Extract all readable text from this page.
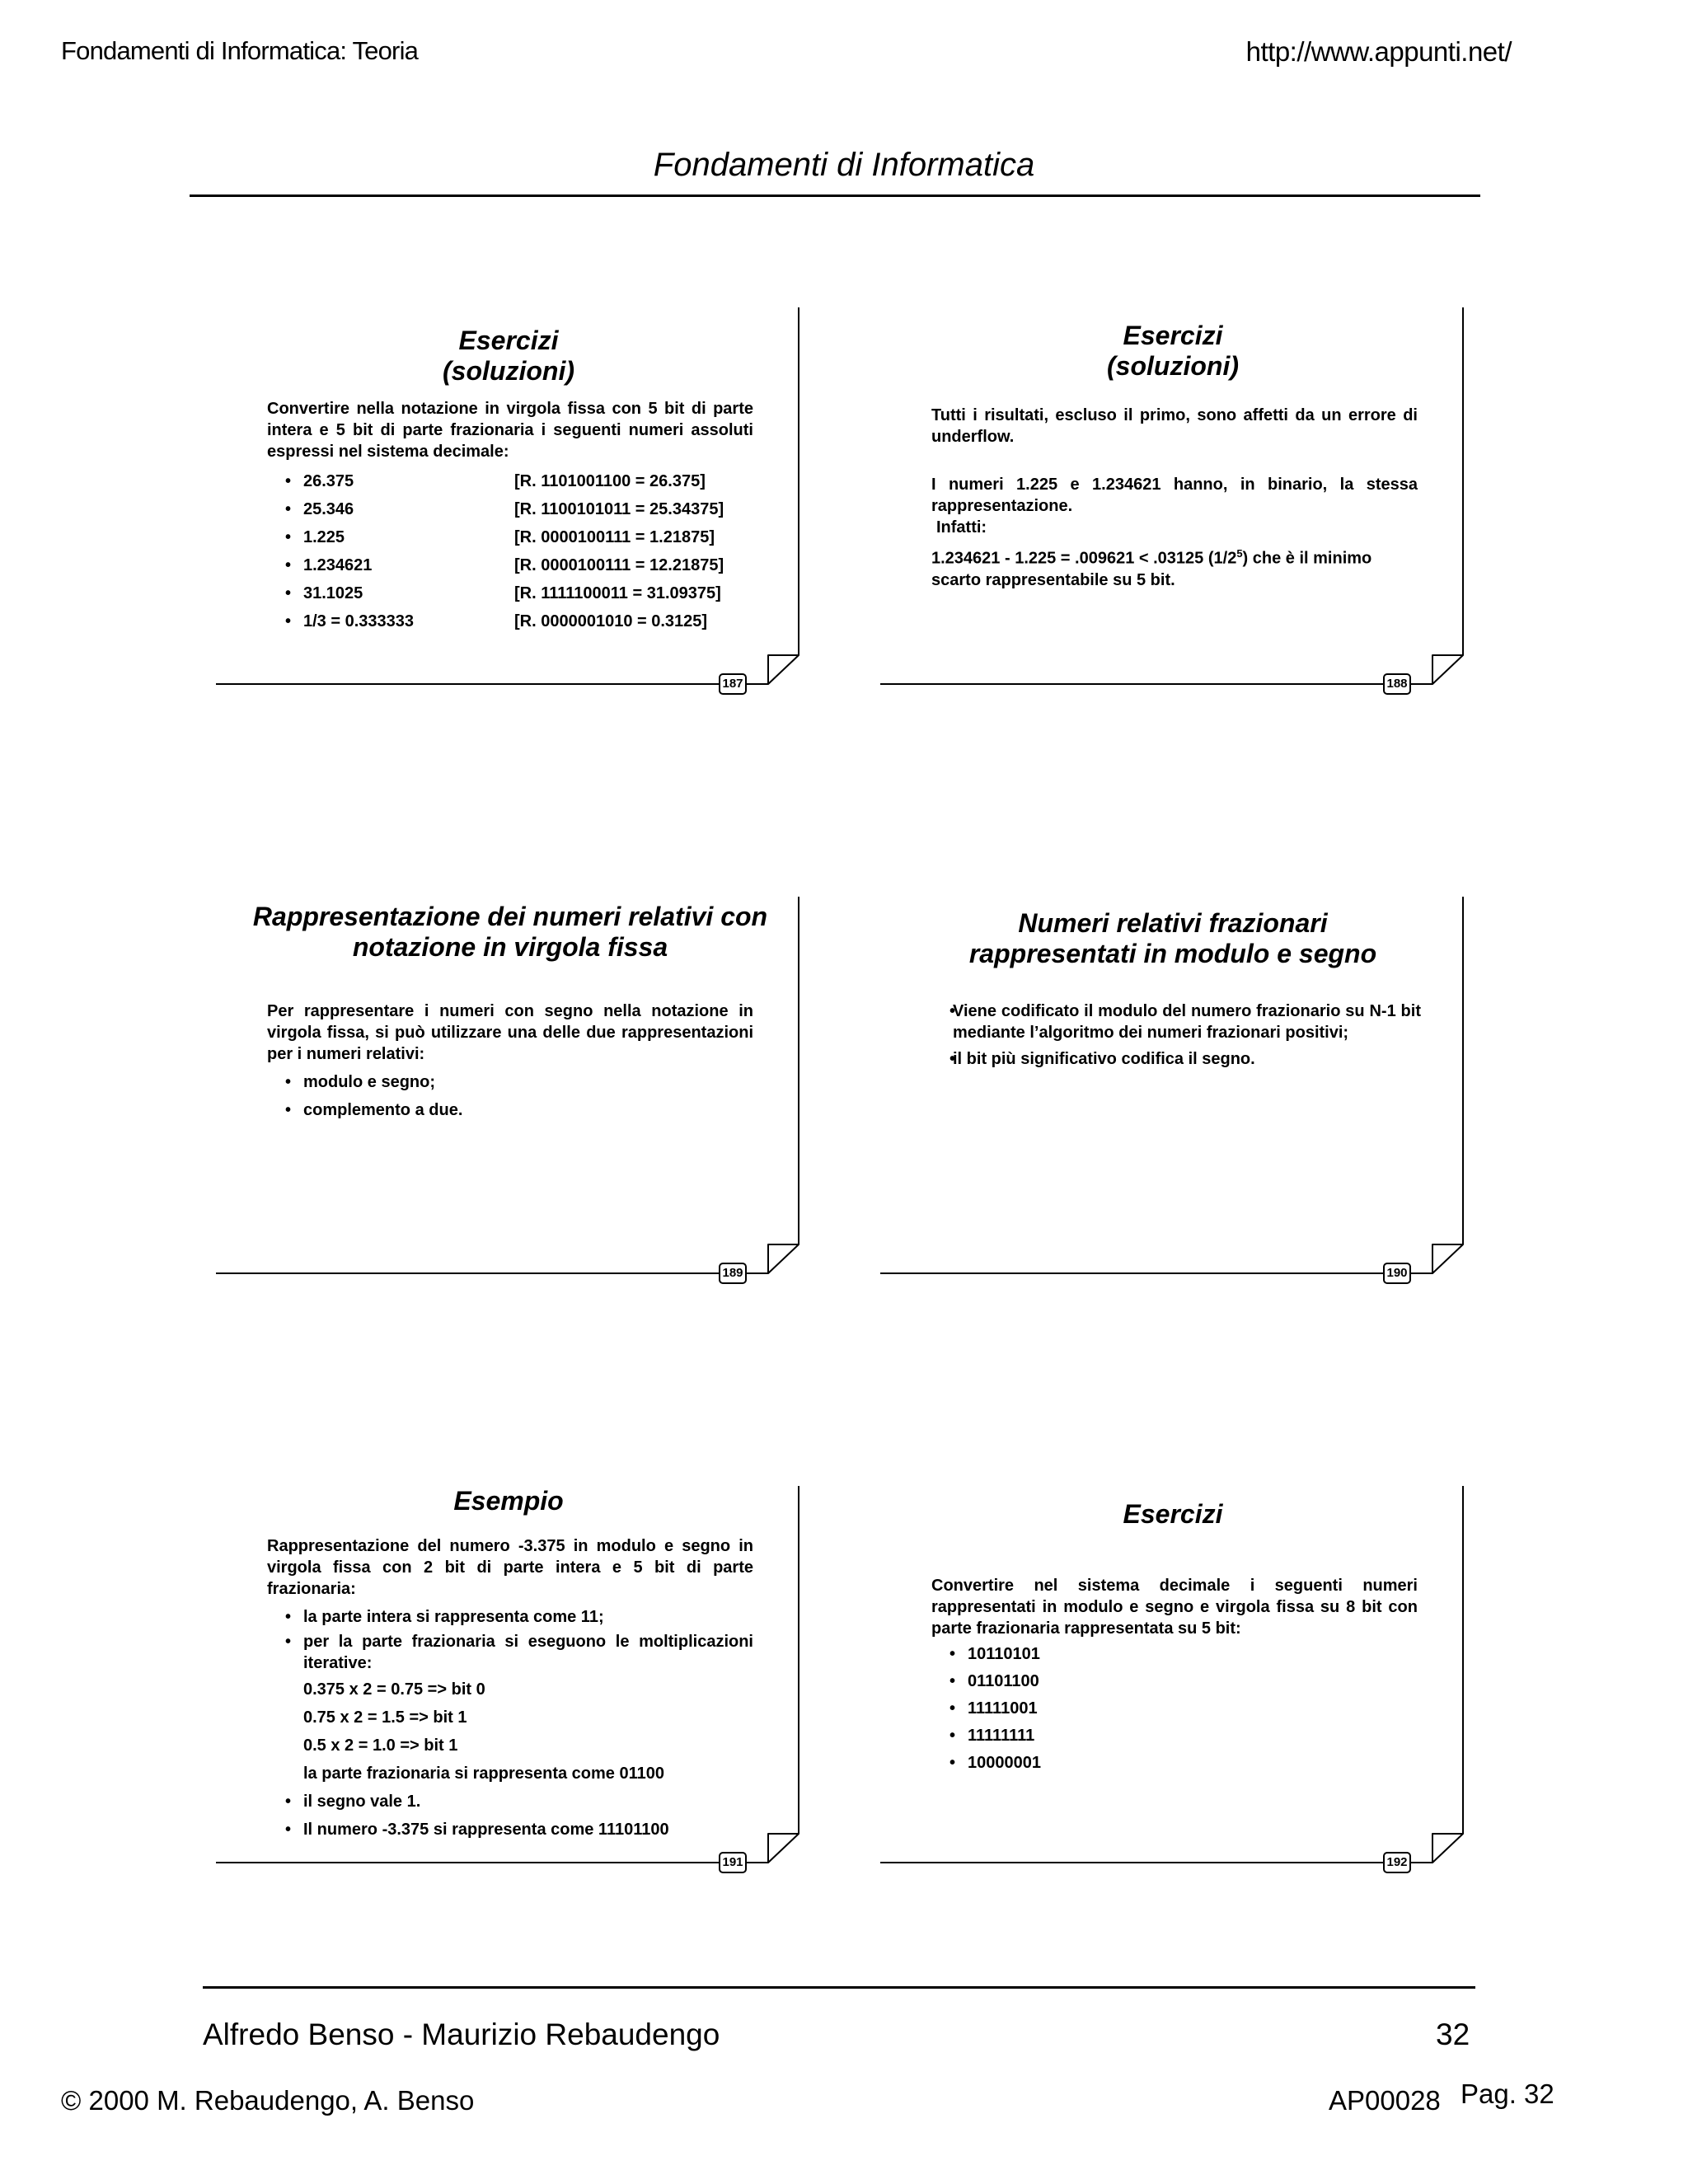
Fondamenti di Informatica: Teoria	http://www.appunti.net/
Fondamenti di Informatica
Alfredo Benso - Maurizio Rebaudengo	32
© 2000 M. Rebaudengo, A. Benso	AP00028 Pag. 32
Esercizi
(soluzioni)

Convertire nella notazione in virgola fissa con 5 bit di parte intera e 5 bit di parte frazionaria i seguenti numeri assoluti espressi nel sistema decimale:

• 26.375	[R. 1101001100 = 26.375]
• 25.346	[R. 1100101011 = 25.34375]
• 1.225	[R. 0000100111 = 1.21875]
• 1.234621	[R. 0000100111 = 12.21875]
• 31.1025	[R. 1111100011 = 31.09375]
• 1/3 = 0.333333	[R. 0000001010 = 0.3125]
187
Esercizi
(soluzioni)

Tutti i risultati, escluso il primo, sono affetti da un errore di underflow.

I numeri 1.225 e 1.234621 hanno, in binario, la stessa rappresentazione.

Infatti:

1.234621 - 1.225 = .009621 < .03125 $(1/2^5)$ che è il minimo scarto rappresentabile su 5 bit.

188
Rappresentazione dei numeri relativi con
notazione in virgola fissa

Per rappresentare i numeri con segno nella notazione in virgola fissa, si può utilizzare una delle due rappresentazioni per i numeri relativi:

• modulo e segno;
• complemento a due.
189
Numeri relativi frazionari
rappresentati in modulo e segno

• Viene codificato il modulo del numero frazionario su N-1 bit mediante l’algoritmo dei numeri frazionari positivi;

• il bit più significativo codifica il segno.

190
Esempio

Rappresentazione del numero -3.375 in modulo e segno in virgola fissa con 2 bit di parte intera e 5 bit di parte frazionaria:

• la parte intera si rappresenta come 11;

• per la parte frazionaria si eseguono le moltiplicazioni iterative:

0.375 x 2 = 0.75 => bit 0
0.75 x 2 = 1.5 => bit 1
0.5 x 2 = 1.0 => bit 1
la parte frazionaria si rappresenta come 01100
• il segno vale 1.
• Il numero -3.375 si rappresenta come 11101100
191
Esercizi

Convertire nel sistema decimale i seguenti numeri rappresentati in modulo e segno e virgola fissa su 8 bit con parte frazionaria rappresentata su 5 bit:

• 10110101
• 01101100
• 11111001
• 11111111
• 10000001
192
